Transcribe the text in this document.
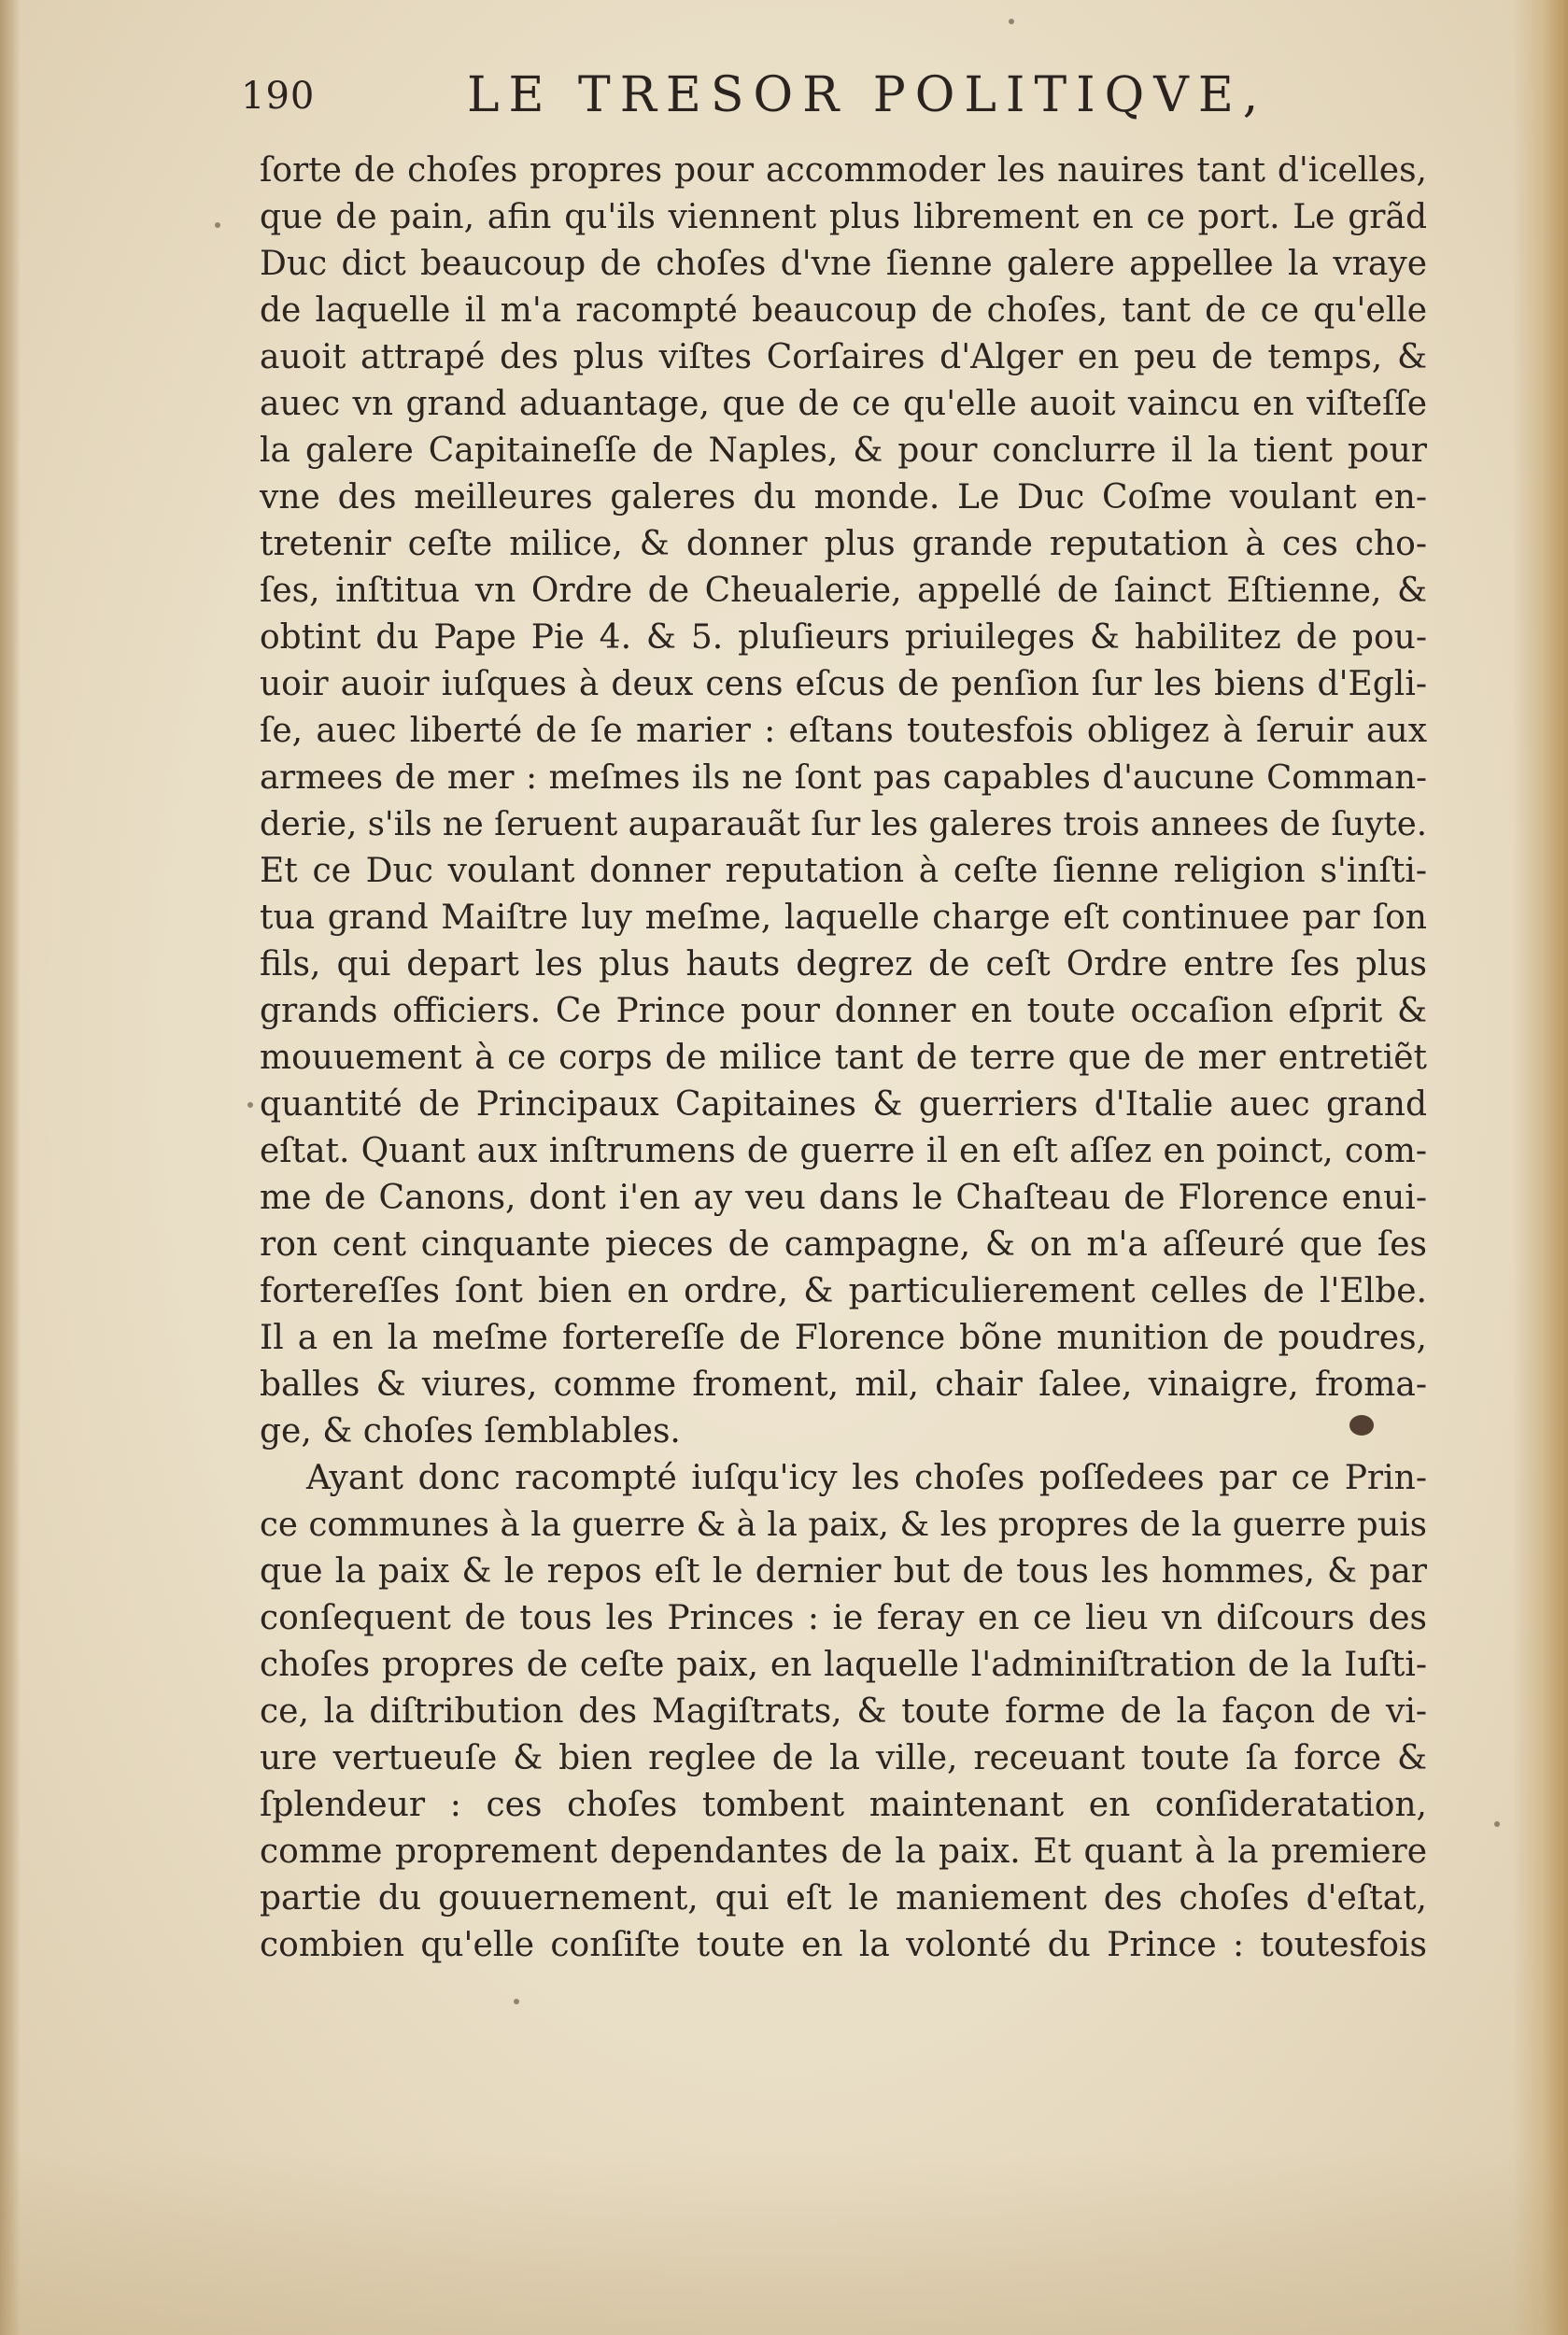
190	LE TRESOR POLITIQVE,
ſorte de choſes propres pour accommoder les nauires tant d'icelles,
que de pain, afin qu'ils viennent plus librement en ce port. Le grãd
Duc dict beaucoup de choſes d'vne ſienne galere appellee la vraye
de laquelle il m'a racompté beaucoup de choſes, tant de ce qu'elle
auoit attrapé des plus viſtes Corſaires d'Alger en peu de temps, &
auec vn grand aduantage, que de ce qu'elle auoit vaincu en viſteſſe
la galere Capitaineſſe de Naples, & pour conclurre il la tient pour
vne des meilleures galeres du monde. Le Duc Coſme voulant en-
tretenir ceſte milice, & donner plus grande reputation à ces cho-
ſes, inſtitua vn Ordre de Cheualerie, appellé de ſainct Eſtienne, &
obtint du Pape Pie 4. & 5. pluſieurs priuileges & habilitez de pou-
uoir auoir iuſques à deux cens eſcus de penſion ſur les biens d'Egli-
ſe, auec liberté de ſe marier : eſtans toutesfois obligez à ſeruir aux
armees de mer : meſmes ils ne ſont pas capables d'aucune Comman-
derie, s'ils ne ſeruent auparauãt ſur les galeres trois annees de ſuyte.
Et ce Duc voulant donner reputation à ceſte ſienne religion s'inſti-
tua grand Maiſtre luy meſme, laquelle charge eſt continuee par ſon
fils, qui depart les plus hauts degrez de ceſt Ordre entre ſes plus
grands officiers. Ce Prince pour donner en toute occaſion eſprit &
mouuement à ce corps de milice tant de terre que de mer entretiẽt
quantité de Principaux Capitaines & guerriers d'Italie auec grand
eſtat. Quant aux inſtrumens de guerre il en eſt aſſez en poinct, com-
me de Canons, dont i'en ay veu dans le Chaſteau de Florence enui-
ron cent cinquante pieces de campagne, & on m'a aſſeuré que ſes
fortereſſes ſont bien en ordre, & particulierement celles de l'Elbe.
Il a en la meſme fortereſſe de Florence bõne munition de poudres,
balles & viures, comme froment, mil, chair ſalee, vinaigre, froma-
ge, & choſes ſemblables.
Ayant donc racompté iuſqu'icy les choſes poſſedees par ce Prin-
ce communes à la guerre & à la paix, & les propres de la guerre puis
que la paix & le repos eſt le dernier but de tous les hommes, & par
conſequent de tous les Princes : ie feray en ce lieu vn diſcours des
choſes propres de ceſte paix, en laquelle l'adminiſtration de la Iuſti-
ce, la diſtribution des Magiſtrats, & toute forme de la façon de vi-
ure vertueuſe & bien reglee de la ville, receuant toute ſa force &
ſplendeur : ces choſes tombent maintenant en conſideratation,
comme proprement dependantes de la paix. Et quant à la premiere
partie du gouuernement, qui eſt le maniement des choſes d'eſtat,
combien qu'elle conſiſte toute en la volonté du Prince : toutesfois
